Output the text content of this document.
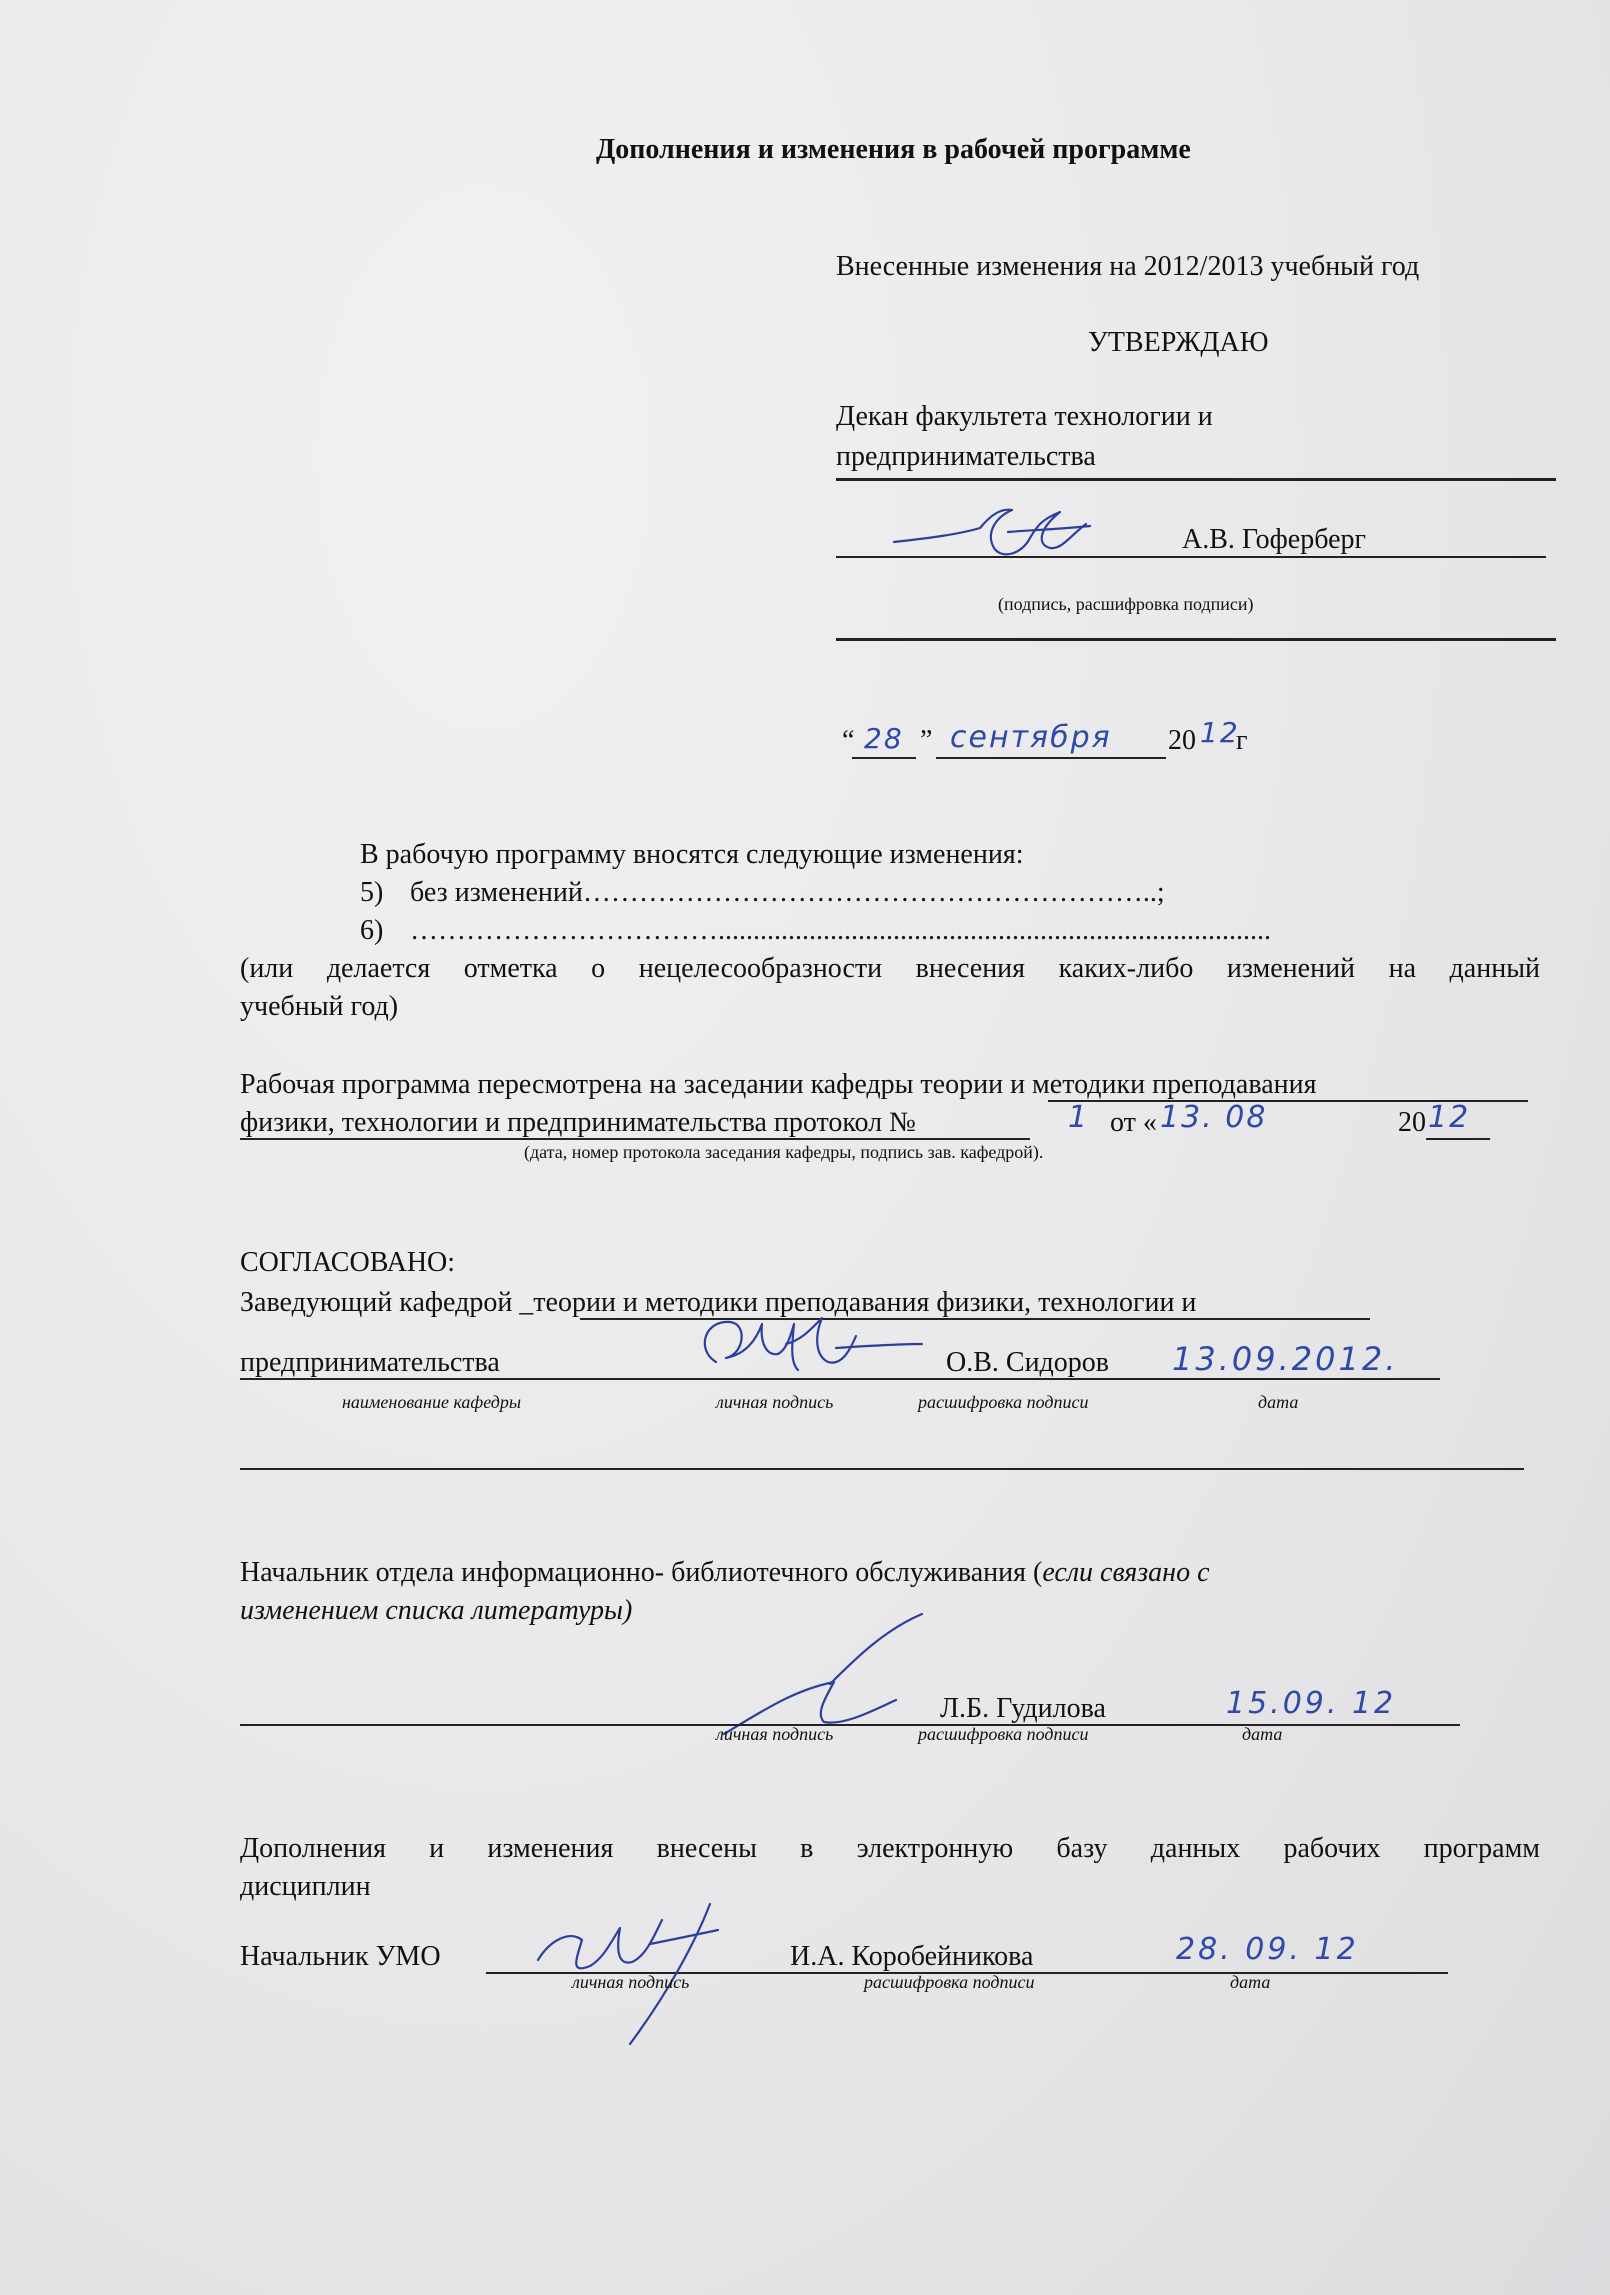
Дополнения и изменения в рабочей программе
Внесенные изменения на 2012/2013 учебный год
УТВЕРЖДАЮ
Декан факультета технологии и
предпринимательства
А.В. Гоферберг
(подпись, расшифровка подписи)
“ 28 ” сентября 20 12
г
В рабочую программу вносятся следующие изменения:
5) без изменений……………………………………………………..;
6) ……………………………...............................................................................
(или делается отметка о нецелесообразности внесения каких-либо изменений на данный
учебный год)
Рабочая программа пересмотрена на заседании кафедры теории и методики преподавания
физики, технологии и предпринимательства протокол №	1 от « 13. 08	20 12
(дата, номер протокола заседания кафедры, подпись зав. кафедрой).
СОГЛАСОВАНО:
Заведующий кафедрой _теории и методики преподавания физики, технологии и
предпринимательства	О.В. Сидоров 13.09.2012.
наименование кафедры	личная подпись	расшифровка подписи	дата
Начальник отдела информационно- библиотечного обслуживания (если связано с
изменением списка литературы)
Л.Б. Гудилова	15.09. 12
личная подпись	расшифровка подписи	дата
Дополнения и изменения внесены в электронную базу данных рабочих программ
дисциплин
Начальник УМО	И.А. Коробейникова	28. 09. 12
личная подпись	расшифровка подписи	дата
